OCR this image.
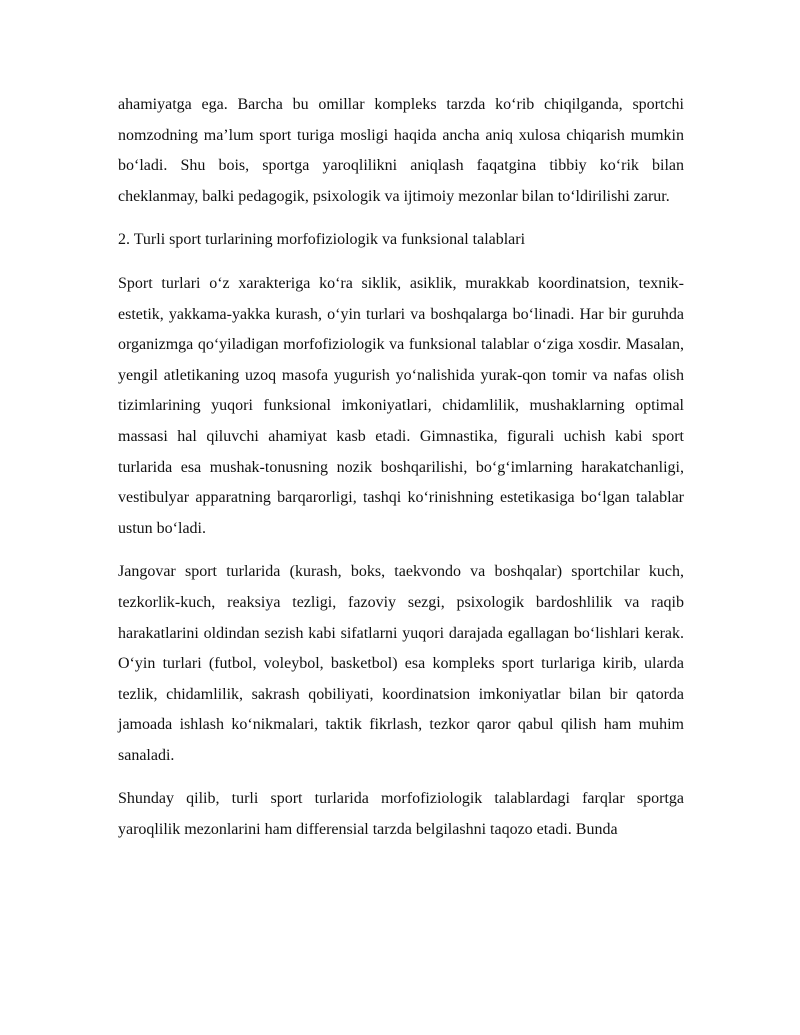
ahamiyatga ega. Barcha bu omillar kompleks tarzda ko‘rib chiqilganda, sportchi nomzodning ma’lum sport turiga mosligi haqida ancha aniq xulosa chiqarish mumkin bo‘ladi. Shu bois, sportga yaroqlilikni aniqlash faqatgina tibbiy ko‘rik bilan cheklanmay, balki pedagogik, psixologik va ijtimoiy mezonlar bilan to‘ldirilishi zarur.

2. Turli sport turlarining morfofiziologik va funksional talablari

Sport turlari o‘z xarakteriga ko‘ra siklik, asiklik, murakkab koordinatsion, texnik-estetik, yakkama-yakka kurash, o‘yin turlari va boshqalarga bo‘linadi. Har bir guruhda organizmga qo‘yiladigan morfofiziologik va funksional talablar o‘ziga xosdir. Masalan, yengil atletikaning uzoq masofa yugurish yo‘nalishida yurak-qon tomir va nafas olish tizimlarining yuqori funksional imkoniyatlari, chidamlilik, mushaklarning optimal massasi hal qiluvchi ahamiyat kasb etadi. Gimnastika, figurali uchish kabi sport turlarida esa mushak-tonusning nozik boshqarilishi, bo‘g‘imlarning harakatchanligi, vestibulyar apparatning barqarorligi, tashqi ko‘rinishning estetikasiga bo‘lgan talablar ustun bo‘ladi.

Jangovar sport turlarida (kurash, boks, taekvondo va boshqalar) sportchilar kuch, tezkorlik-kuch, reaksiya tezligi, fazoviy sezgi, psixologik bardoshlilik va raqib harakatlarini oldindan sezish kabi sifatlarni yuqori darajada egallagan bo‘lishlari kerak. O‘yin turlari (futbol, voleybol, basketbol) esa kompleks sport turlariga kirib, ularda tezlik, chidamlilik, sakrash qobiliyati, koordinatsion imkoniyatlar bilan bir qatorda jamoada ishlash ko‘nikmalari, taktik fikrlash, tezkor qaror qabul qilish ham muhim sanaladi.

Shunday qilib, turli sport turlarida morfofiziologik talablardagi farqlar sportga yaroqlilik mezonlarini ham differensial tarzda belgilashni taqozo etadi. Bunda
